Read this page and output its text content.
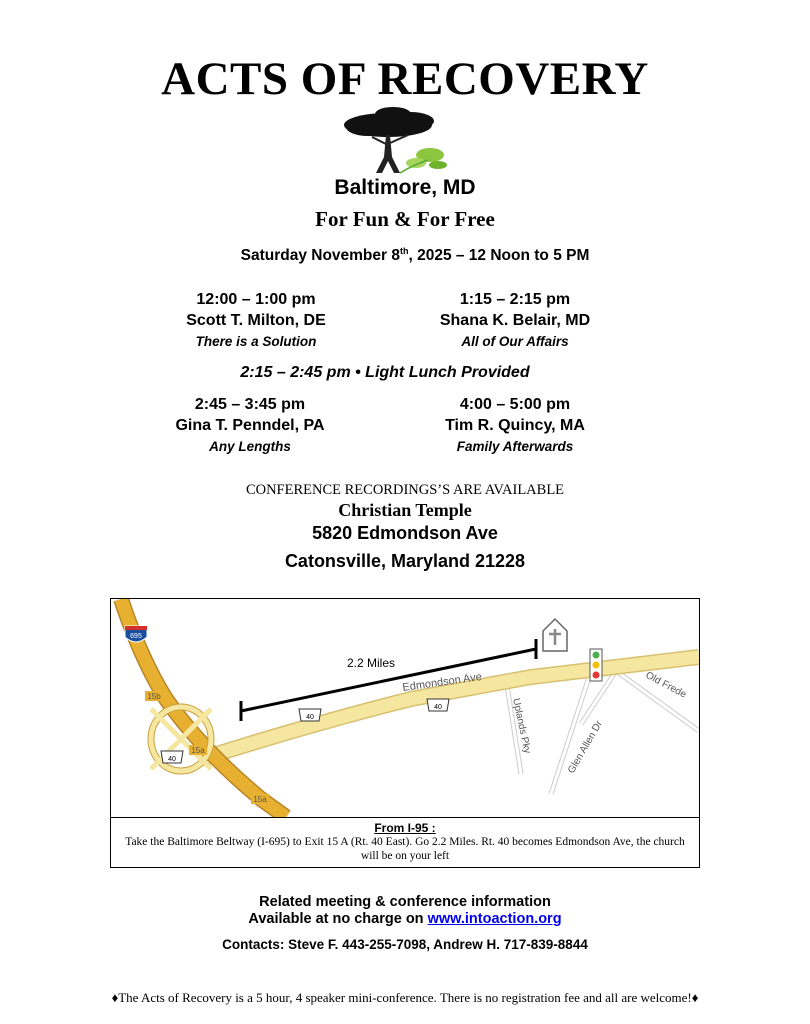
ACTS OF RECOVERY
Baltimore, MD
For Fun & For Free
Saturday November 8th, 2025 – 12 Noon to 5 PM
12:00 – 1:00 pm
Scott T. Milton, DE
There is a Solution
1:15 – 2:15 pm
Shana K. Belair, MD
All of Our Affairs
2:15 – 2:45 pm • Light Lunch Provided
2:45 – 3:45 pm
Gina T. Penndel, PA
Any Lengths
4:00 – 5:00 pm
Tim R. Quincy, MA
Family Afterwards
CONFERENCE RECORDINGS’S ARE AVAILABLE
Christian Temple
5820 Edmondson Ave
Catonsville, Maryland 21228
2.2 Miles
Edmondson Ave
Uplands Pky	Glen Allen Dr
Old Frede
695
40
40
40
15b
15a
15a
From I-95 :
Take the Baltimore Beltway (I-695) to Exit 15 A (Rt. 40 East). Go 2.2 Miles. Rt. 40 becomes Edmondson Ave, the church will be on your left
Related meeting & conference information
Available at no charge on www.intoaction.org
Contacts: Steve F. 443-255-7098, Andrew H. 717-839-8844
♦The Acts of Recovery is a 5 hour, 4 speaker mini-conference. There is no registration fee and all are welcome!♦
